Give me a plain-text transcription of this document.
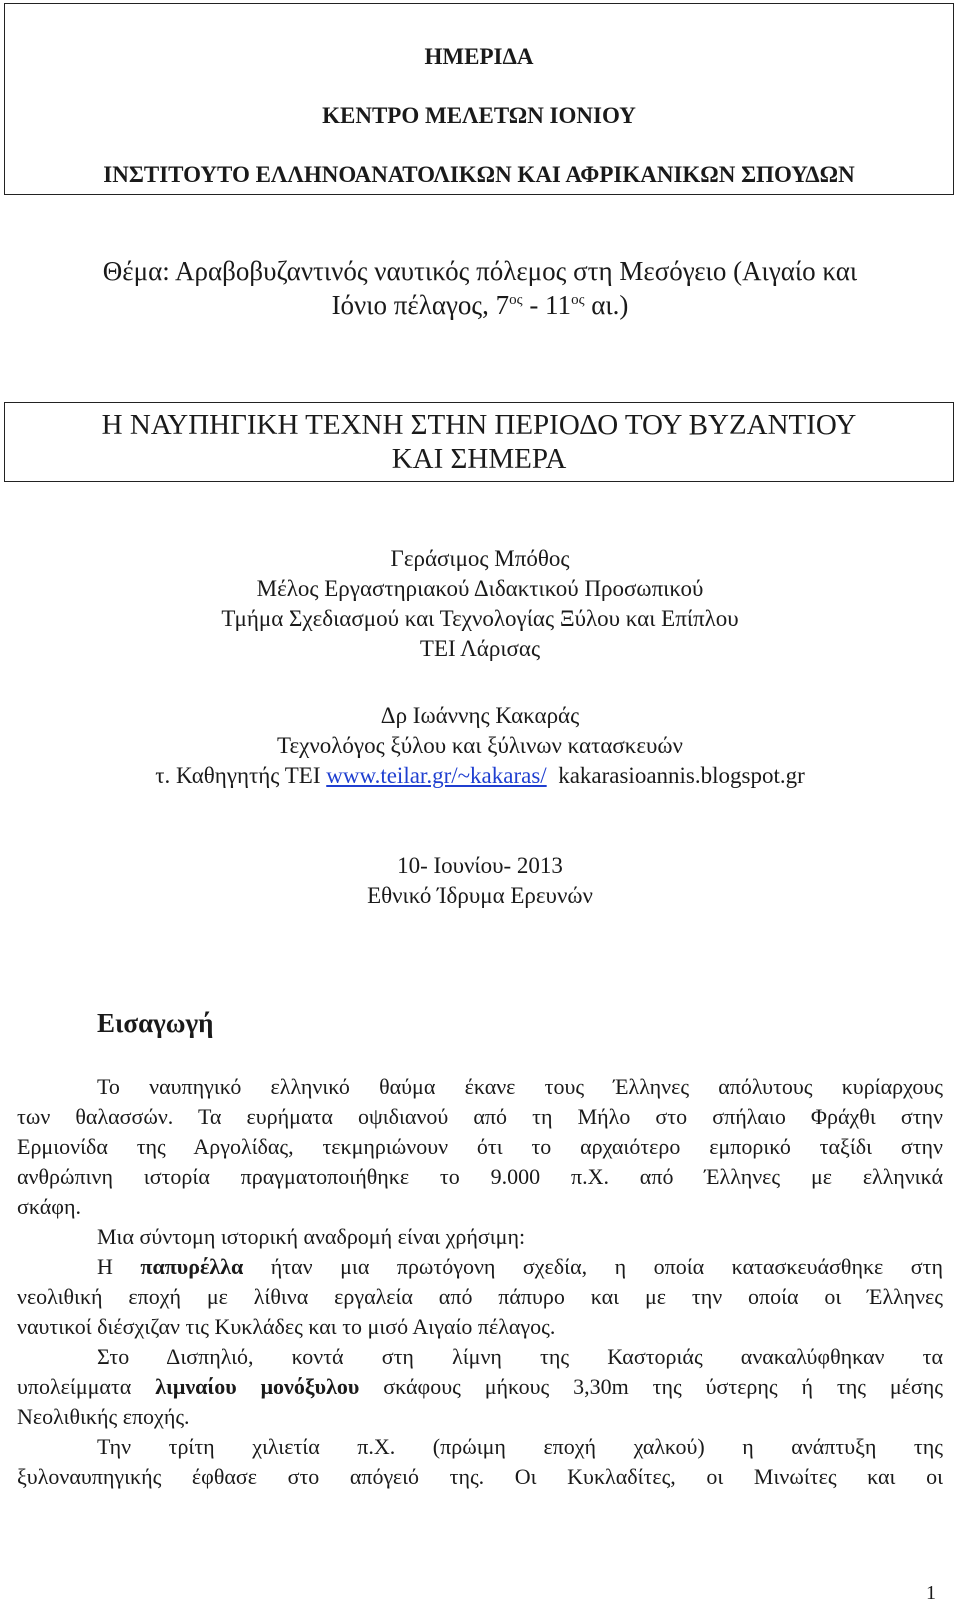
ΗΜΕΡΙΔΑ
ΚΕΝΤΡΟ ΜΕΛΕΤΩΝ ΙΟΝΙΟΥ
ΙΝΣΤΙΤΟΥΤΟ ΕΛΛΗΝΟΑΝΑΤΟΛΙΚΩΝ ΚΑΙ ΑΦΡΙΚΑΝΙΚΩΝ ΣΠΟΥΔΩΝ
Θέμα: Αραβοβυζαντινός ναυτικός πόλεμος στη Μεσόγειο (Αιγαίο και
Ιόνιο πέλαγος, $7^{o\varsigma} - 11^{o\varsigma}$ αι.)
Η ΝΑΥΠΗΓΙΚΗ ΤΕΧΝΗ ΣΤΗΝ ΠΕΡΙΟΔΟ ΤΟΥ ΒΥΖΑΝΤΙΟΥ
ΚΑΙ ΣΗΜΕΡΑ
Γεράσιμος Μπόθος
Μέλος Εργαστηριακού Διδακτικού Προσωπικού
Τμήμα Σχεδιασμού και Τεχνολογίας Ξύλου και Επίπλου
ΤΕΙ Λάρισας
Δρ Ιωάννης Κακαράς
Τεχνολόγος ξύλου και ξύλινων κατασκευών
τ. Καθηγητής ΤΕΙ www.teilar.gr/~kakaras/  kakarasioannis.blogspot.gr
10- Ιουνίου- 2013
Εθνικό Ίδρυμα Ερευνών
Εισαγωγή
Το ναυπηγικό ελληνικό θαύμα έκανε τους Έλληνες απόλυτους κυρίαρχους
των θαλασσών. Τα ευρήματα οψιδιανού από τη Μήλο στο σπήλαιο Φράχθι στην
Ερμιονίδα της Αργολίδας, τεκμηριώνουν ότι το αρχαιότερο εμπορικό ταξίδι στην
ανθρώπινη ιστορία πραγματοποιήθηκε το 9.000 π.Χ. από Έλληνες με ελληνικά
σκάφη.
Μια σύντομη ιστορική αναδρομή είναι χρήσιμη:
Η παπυρέλλα ήταν μια πρωτόγονη σχεδία, η οποία κατασκευάσθηκε στη
νεολιθική εποχή με λίθινα εργαλεία από πάπυρο και με την οποία οι Έλληνες
ναυτικοί διέσχιζαν τις Κυκλάδες και το μισό Αιγαίο πέλαγος.
Στο Δισπηλιό, κοντά στη λίμνη της Καστοριάς ανακαλύφθηκαν τα
υπολείμματα λιμναίου μονόξυλου σκάφους μήκους 3,30m της ύστερης ή της μέσης
Νεολιθικής εποχής.
Την τρίτη χιλιετία π.Χ. (πρώιμη εποχή χαλκού) η ανάπτυξη της
ξυλοναυπηγικής έφθασε στο απόγειό της. Οι Κυκλαδίτες, οι Μινωίτες και οι
1
